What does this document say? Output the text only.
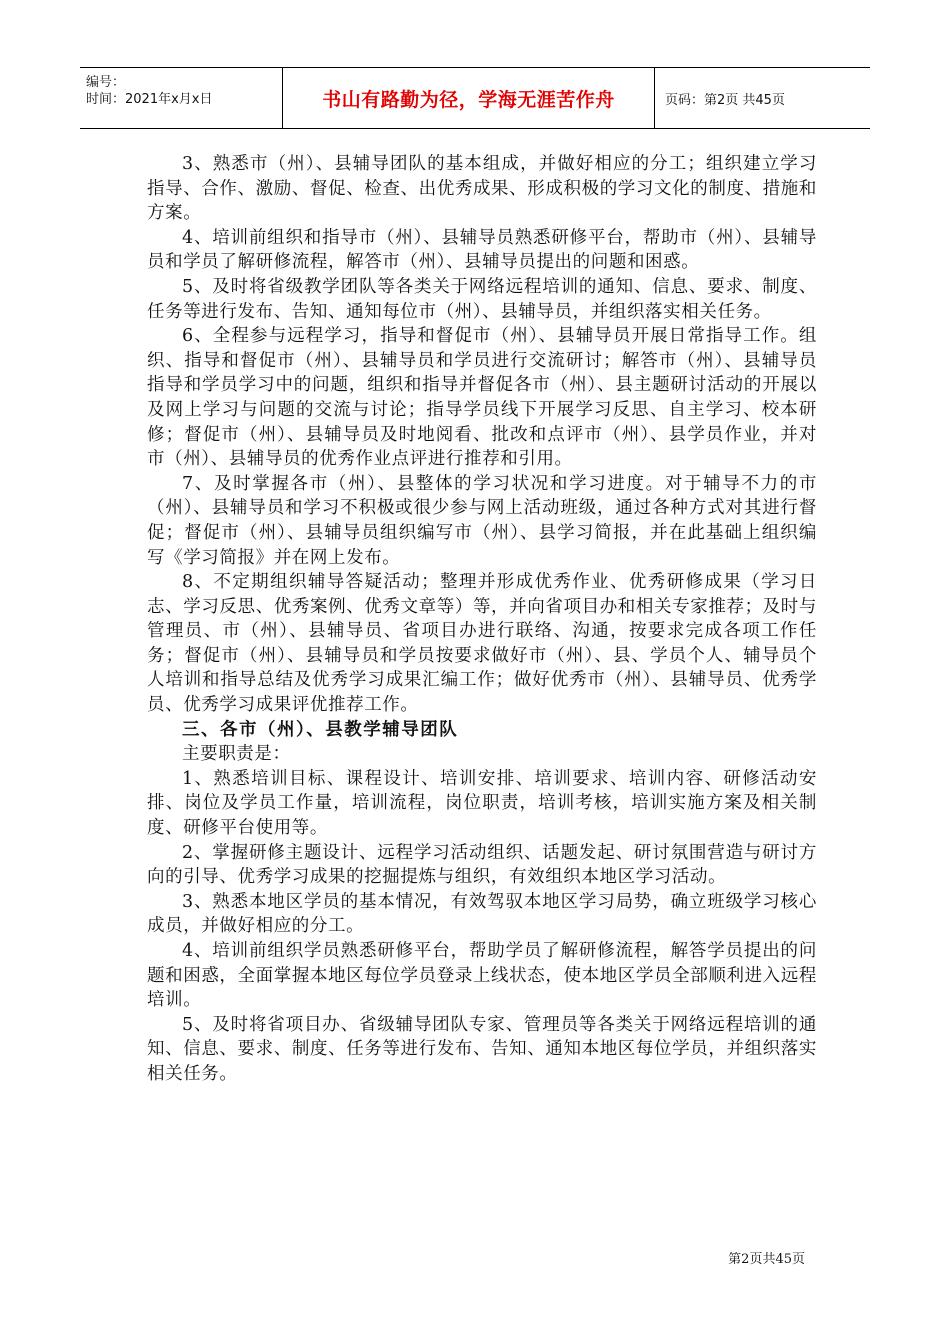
编号：
时间：2021年x月x日	书山有路勤为径，学海无涯苦作舟	页码：第2页 共45页

3、熟悉市（州）、县辅导团队的基本组成，并做好相应的分工；组织建立学习指导、合作、激励、督促、检查、出优秀成果、形成积极的学习文化的制度、措施和方案。

4、培训前组织和指导市（州）、县辅导员熟悉研修平台，帮助市（州）、县辅导员和学员了解研修流程，解答市（州）、县辅导员提出的问题和困惑。

5、及时将省级教学团队等各类关于网络远程培训的通知、信息、要求、制度、任务等进行发布、告知、通知每位市（州）、县辅导员，并组织落实相关任务。

6、全程参与远程学习，指导和督促市（州）、县辅导员开展日常指导工作。组织、指导和督促市（州）、县辅导员和学员进行交流研讨；解答市（州）、县辅导员指导和学员学习中的问题，组织和指导并督促各市（州）、县主题研讨活动的开展以及网上学习与问题的交流与讨论；指导学员线下开展学习反思、自主学习、校本研修；督促市（州）、县辅导员及时地阅看、批改和点评市（州）、县学员作业，并对市（州）、县辅导员的优秀作业点评进行推荐和引用。

7、及时掌握各市（州）、县整体的学习状况和学习进度。对于辅导不力的市（州）、县辅导员和学习不积极或很少参与网上活动班级，通过各种方式对其进行督促；督促市（州）、县辅导员组织编写市（州）、县学习简报，并在此基础上组织编写《学习简报》并在网上发布。

8、不定期组织辅导答疑活动；整理并形成优秀作业、优秀研修成果（学习日志、学习反思、优秀案例、优秀文章等）等，并向省项目办和相关专家推荐；及时与管理员、市（州）、县辅导员、省项目办进行联络、沟通，按要求完成各项工作任务；督促市（州）、县辅导员和学员按要求做好市（州）、县、学员个人、辅导员个人培训和指导总结及优秀学习成果汇编工作；做好优秀市（州）、县辅导员、优秀学员、优秀学习成果评优推荐工作。

三、各市（州）、县教学辅导团队

主要职责是：

1、熟悉培训目标、课程设计、培训安排、培训要求、培训内容、研修活动安排、岗位及学员工作量，培训流程，岗位职责，培训考核，培训实施方案及相关制度、研修平台使用等。

2、掌握研修主题设计、远程学习活动组织、话题发起、研讨氛围营造与研讨方向的引导、优秀学习成果的挖掘提炼与组织，有效组织本地区学习活动。

3、熟悉本地区学员的基本情况，有效驾驭本地区学习局势，确立班级学习核心成员，并做好相应的分工。

4、培训前组织学员熟悉研修平台，帮助学员了解研修流程，解答学员提出的问题和困惑，全面掌握本地区每位学员登录上线状态，使本地区学员全部顺利进入远程培训。

5、及时将省项目办、省级辅导团队专家、管理员等各类关于网络远程培训的通知、信息、要求、制度、任务等进行发布、告知、通知本地区每位学员，并组织落实相关任务。

第2页共45页
